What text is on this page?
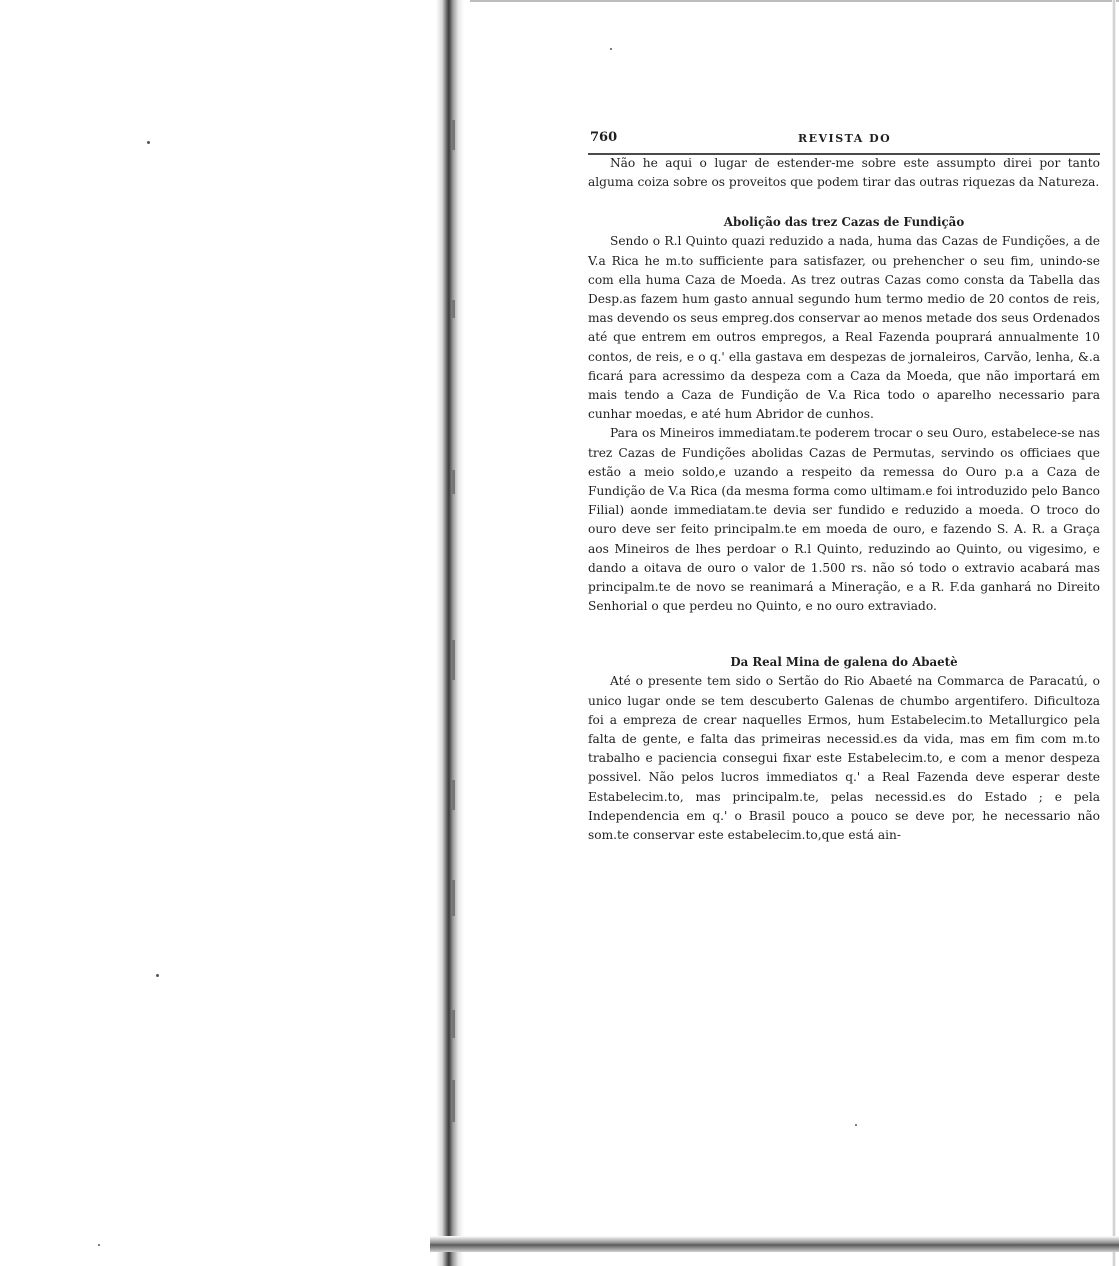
760	REVISTA DO

Não he aqui o lugar de estender-me sobre este assumpto direi por tanto alguma coiza sobre os proveitos que podem tirar das outras riquezas da Natureza.

Abolição das trez Cazas de Fundição

Sendo o R.l Quinto quazi reduzido a nada, huma das Cazas de Fundições, a de V.a Rica he m.to sufficiente para satisfazer, ou prehencher o seu fim, unindo-se com ella huma Caza de Moeda. As trez outras Cazas como consta da Tabella das Desp.as fazem hum gasto annual segundo hum termo medio de 20 contos de reis, mas devendo os seus empreg.dos conservar ao menos metade dos seus Ordenados até que entrem em outros empregos, a Real Fazenda pouprará annualmente 10 contos, de reis, e o q.' ella gastava em despezas de jornaleiros, Carvão, lenha, &.a ficará para acressimo da despeza com a Caza da Moeda, que não importará em mais tendo a Caza de Fundição de V.a Rica todo o aparelho necessario para cunhar moedas, e até hum Abridor de cunhos.

Para os Mineiros immediatam.te poderem trocar o seu Ouro, estabelece-se nas trez Cazas de Fundições abolidas Cazas de Permutas, servindo os officiaes que estão a meio soldo,e uzando a respeito da remessa do Ouro p.a a Caza de Fundição de V.a Rica (da mesma forma como ultimam.e foi introduzido pelo Banco Filial) aonde immediatam.te devia ser fundido e reduzido a moeda. O troco do ouro deve ser feito principalm.te em moeda de ouro, e fazendo S. A. R. a Graça aos Mineiros de lhes perdoar o R.l Quinto, reduzindo ao Quinto, ou vigesimo, e dando a oitava de ouro o valor de 1.500 rs. não só todo o extravio acabará mas principalm.te de novo se reanimará a Mineração, e a R. F.da ganhará no Direito Senhorial o que perdeu no Quinto, e no ouro extraviado.

Da Real Mina de galena do Abaetè

Até o presente tem sido o Sertão do Rio Abaeté na Commarca de Paracatú, o unico lugar onde se tem descuberto Galenas de chumbo argentifero. Dificultoza foi a empreza de crear naquelles Ermos, hum Estabelecim.to Metallurgico pela falta de gente, e falta das primeiras necessid.es da vida, mas em fim com m.to trabalho e paciencia consegui fixar este Estabelecim.to, e com a menor despeza possivel. Não pelos lucros immediatos q.' a Real Fazenda deve esperar deste Estabelecim.to, mas principalm.te, pelas necessid.es do Estado ; e pela Independencia em q.' o Brasil pouco a pouco se deve por, he necessario não som.te conservar este estabelecim.to,que está ain-
